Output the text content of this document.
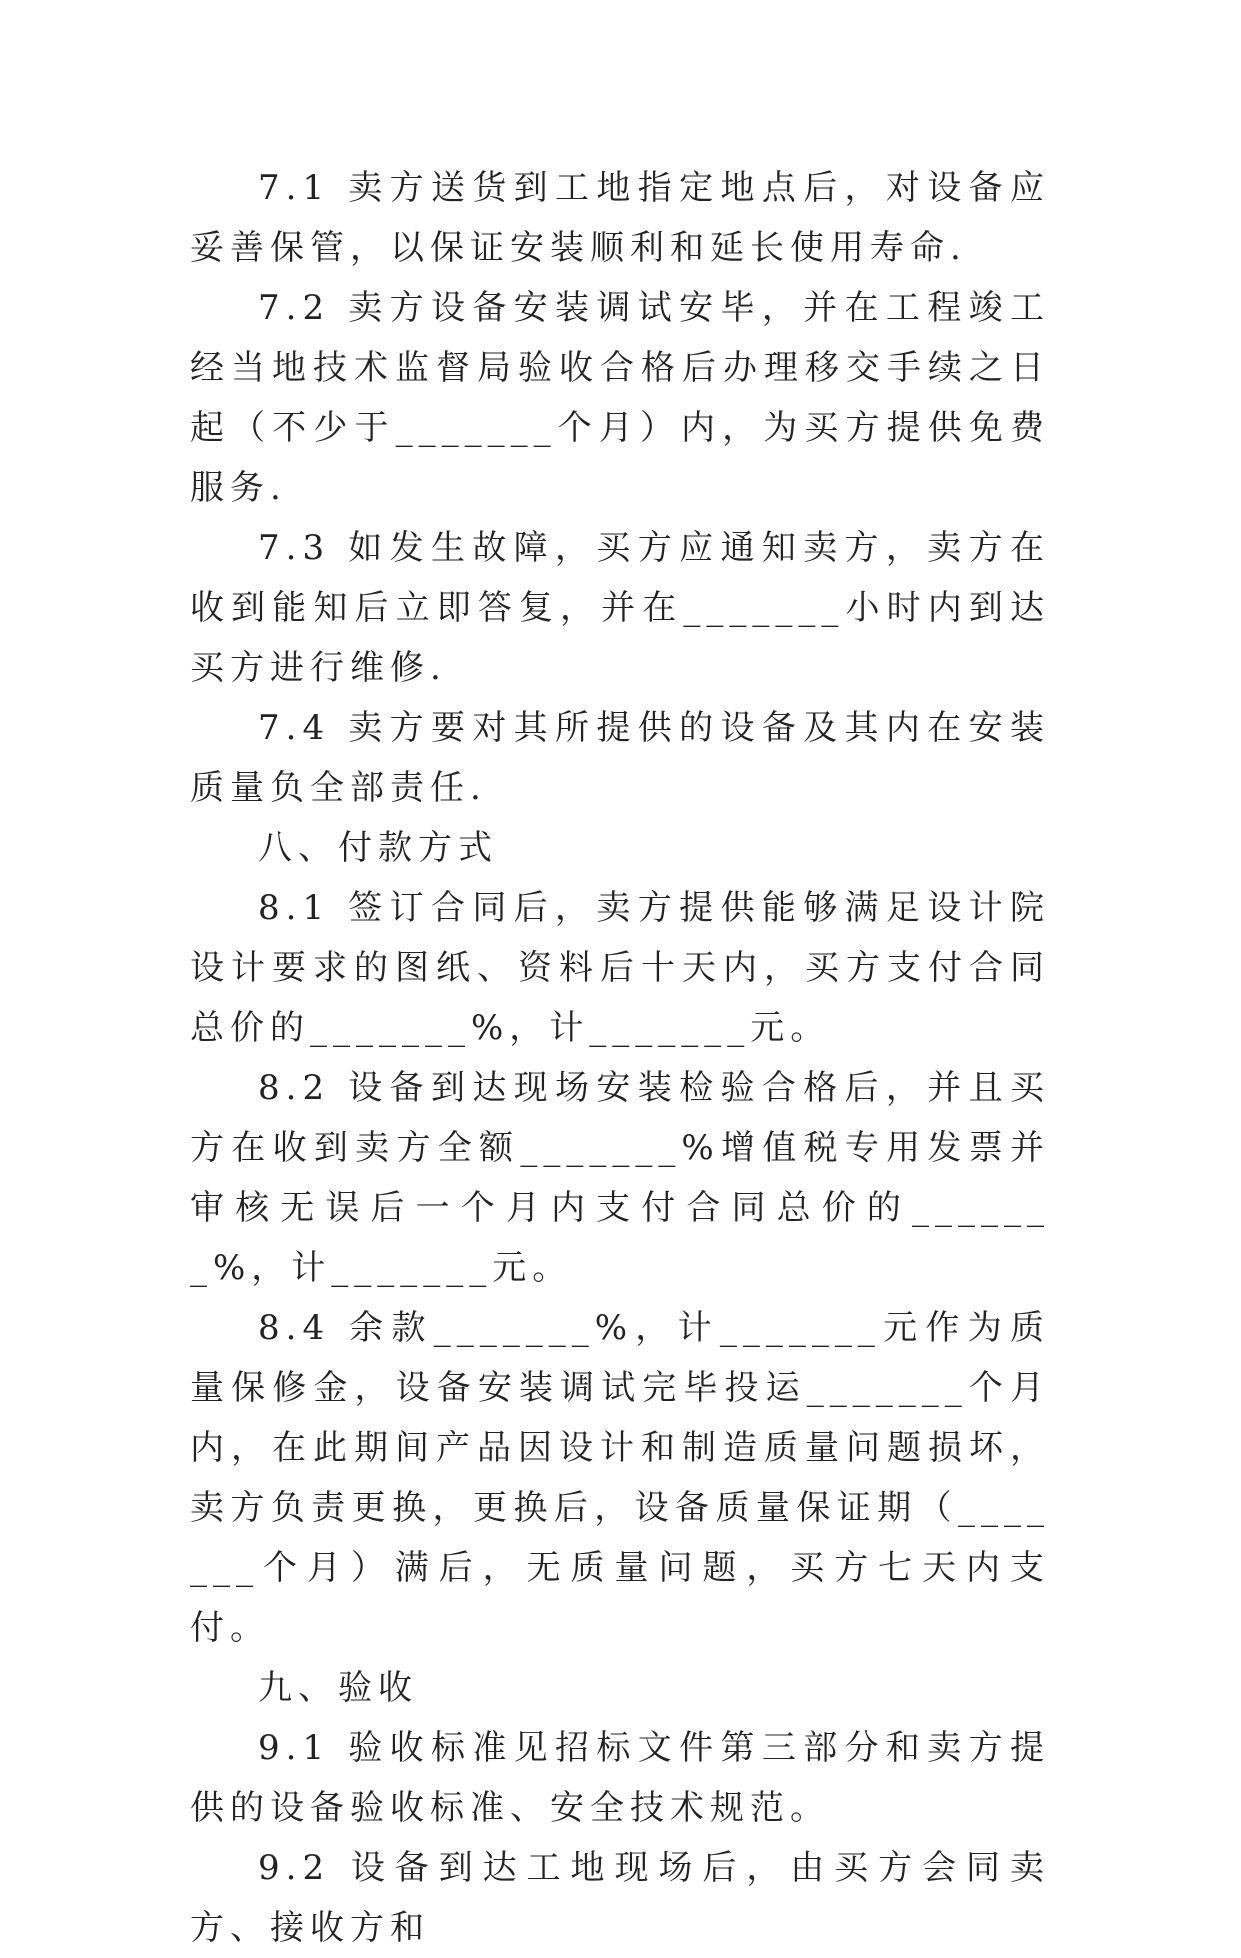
7.1 卖方送货到工地指定地点后，对设备应妥善保管，以保证安装顺利和延长使用寿命.

7.2 卖方设备安装调试安毕，并在工程竣工经当地技术监督局验收合格后办理移交手续之日起（不少于_______个月）内，为买方提供免费服务.

7.3 如发生故障，买方应通知卖方，卖方在收到能知后立即答复，并在_______小时内到达买方进行维修.

7.4 卖方要对其所提供的设备及其内在安装质量负全部责任.

八、付款方式

8.1 签订合同后，卖方提供能够满足设计院设计要求的图纸、资料后十天内，买方支付合同总价的_______%，计_______元。

8.2 设备到达现场安装检验合格后，并且买方在收到卖方全额_______%增值税专用发票并审核无误后一个月内支付合同总价的_______%，计_______元。

8.4 余款_______%，计_______元作为质量保修金，设备安装调试完毕投运_______个月内，在此期间产品因设计和制造质量问题损坏，卖方负责更换，更换后，设备质量保证期（_______个月）满后，无质量问题，买方七天内支付。

九、验收

9.1 验收标准见招标文件第三部分和卖方提供的设备验收标准、安全技术规范。

9.2 设备到达工地现场后，由买方会同卖方、接收方和
